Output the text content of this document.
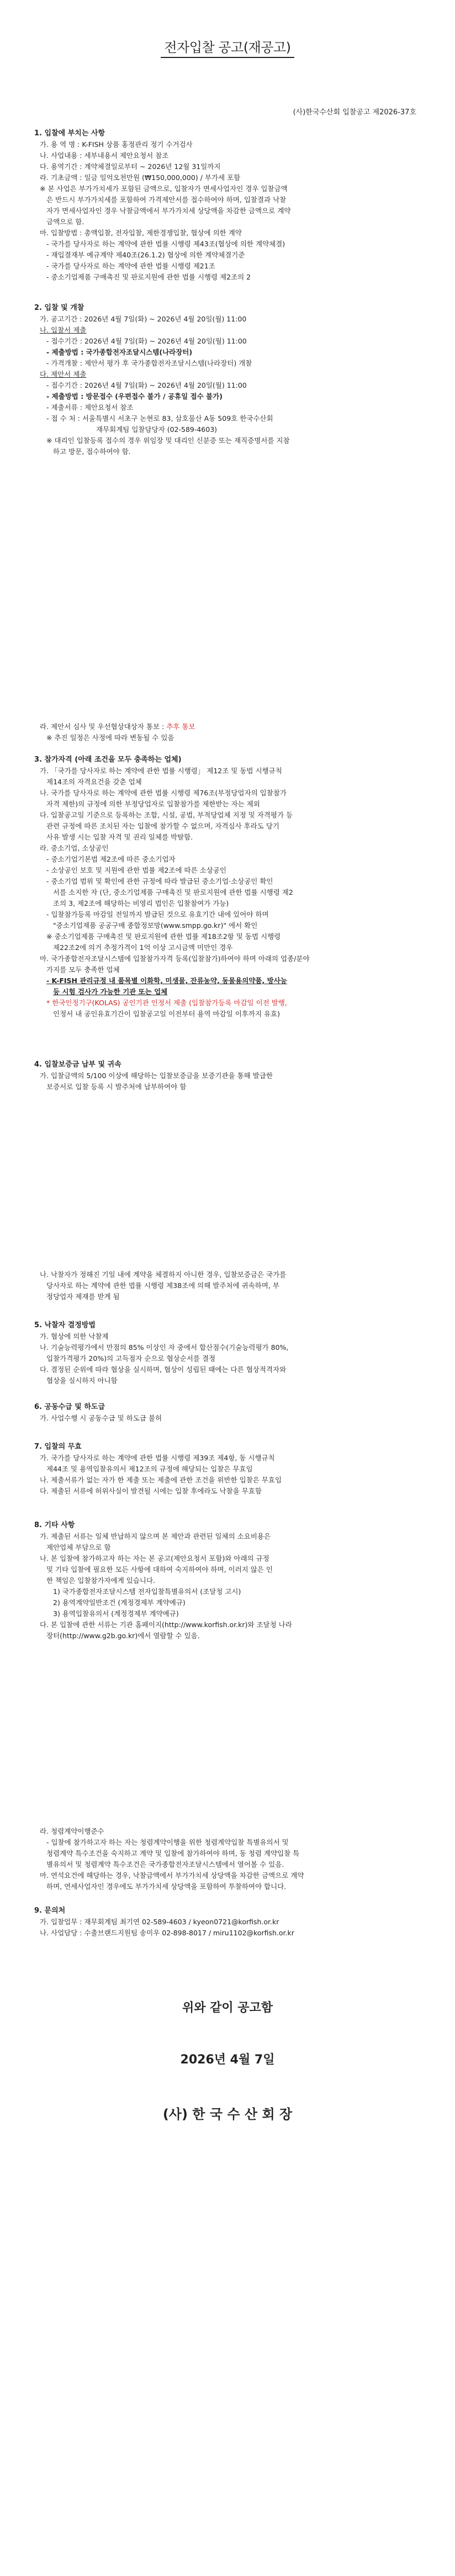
전자입찰 공고(재공고)
(사)한국수산회 입찰공고 제2026-37호
1. 입찰에 부치는 사항
가. 용 역 명 : K-FISH 상품 홍정관리 정기 수거검사
나. 사업내용 : 세부내용서 제안요청서 참조
다. 용역기간 : 계약체결일로부터 ~ 2026년 12월 31일까지
라. 기초금액 : 일금 일억오천만원 (₩150,000,000) / 부가세 포함
※ 본 사업은 부가가치세가 포함된 금액으로, 입찰자가 면세사업자인 경우 입찰금액
은 반드시 부가가치세를 포함하여 가격제안서를 접수하여야 하며, 입찰결과 낙찰
자가 면세사업자인 경우 낙찰금액에서 부가가치세 상당액을 차감한 금액으로 계약
금액으로 함.
마. 입찰방법 : 총액입찰, 전자입찰, 제한경쟁입찰, 협상에 의한 계약
- 국가를 당사자로 하는 계약에 관한 법률 시행령 제43조(협상에 의한 계약체결)
- 재입결재부 예규계약 제40조(26.1.2) 협상에 의한 계약체결기준
- 국가를 당사자로 하는 계약에 관한 법률 시행령 제21조
- 중소기업제품 구매촉진 및 판로지원에 관한 법률 시행령 제2조의 2
2. 입찰 및 개찰
가. 공고기간 : 2026년 4월 7일(화) ~ 2026년 4월 20일(월) 11:00
나. 입찰서 제출
- 접수기간 : 2026년 4월 7일(화) ~ 2026년 4월 20일(월) 11:00
- 제출방법 : 국가종합전자조달시스템(나라장터)
- 가격개찰 : 제안서 평가 후 국가종합전자조달시스템(나라장터) 개찰
다. 제안서 제출
- 접수기간 : 2026년 4월 7일(화) ~ 2026년 4월 20일(월) 11:00
- 제출방법 : 방문접수 (우편접수 불가 / 공휴일 접수 불가)
- 제출서류 : 제안요청서 참조
- 접 수 처 : 서울특별시 서초구 논현로 83, 삼호물산 A동 509호 한국수산회
재무회계팀 입찰담당자 (02-589-4603)
※ 대리인 입찰등록 접수의 경우 위임장 및 대리인 신분증 또는 재직증명서를 지참
하고 방문, 접수하여야 함.
라. 제안서 심사 및 우선협상대상자 통보 : 추후 통보
※ 추진 일정은 사정에 따라 변동될 수 있음
3. 참가자격 (아래 조건을 모두 충족하는 업체)
가. 「국가를 당사자로 하는 계약에 관한 법률 시행령」 제12조 및 동법 시행규칙
제14조의 자격요건을 갖춘 업체
나. 국가를 당사자로 하는 계약에 관한 법률 시행령 제76조(부정당업자의 입찰참가
자격 제한)의 규정에 의한 부정당업자로 입찰참가를 제한받는 자는 제외
다. 입찰공고일 기준으로 등록하는 조합, 시설, 공법, 부적당업체 지정 및 자격평가 등
관련 규정에 따른 조치된 자는 입찰에 참가할 수 없으며, 자격심사 후라도 당기
사유 발생 시는 입찰 자격 및 권리 일체를 박탈함.
라. 중소기업, 소상공인
- 중소기업기본법 제2조에 따른 중소기업자
- 소상공인 보호 및 지원에 관한 법률 제2조에 따른 소상공인
- 중소기업 범위 및 확인에 관한 규정에 따라 발급된 중소기업·소상공인 확인
서를 소지한 자 (단, 중소기업제품 구매촉진 및 판로지원에 관한 법률 시행령 제2
조의 3, 제2조에 해당하는 비영리 법인은 입찰참여가 가능)
- 입찰참가등록 마감일 전일까지 발급된 것으로 유효기간 내에 있어야 하며
"중소기업제품 공공구매 종합정보망(www.smpp.go.kr)" 에서 확인
※ 중소기업제품 구매촉진 및 판로지원에 관한 법률 제18조2항 및 동법 시행령
제22조2에 의거 추정가격이 1억 이상 고시금액 미만인 경우
마. 국가종합전자조달시스템에 입찰참가자격 등록(입찰참가)하여야 하며 아래의 업종/분야
가지를 모두 충족한 업체
- K-FISH 관리규정 내 품목별 이화학, 미생물, 잔류농약, 동물용의약품, 방사능
등 시험 검사가 가능한 기관 또는 업체
* 한국인정기구(KOLAS) 공인기관 인정서 제출 (입찰참가등록 마감일 이전 발행,
인정서 내 공인유효기간이 입찰공고일 이전부터 용역 마감일 이후까지 유효)
4. 입찰보증금 납부 및 귀속
가. 입찰금액의 5/100 이상에 해당하는 입찰보증금을 보증기관을 통해 발급한
보증서로 입찰 등록 시 발주처에 납부하여야 함
나. 낙찰자가 정해진 기일 내에 계약을 체결하지 아니한 경우, 입찰보증금은 국가를
당사자로 하는 계약에 관한 법률 시행령 제38조에 의해 발주처에 귀속하며, 부
정당업자 제재를 받게 됨
5. 낙찰자 결정방법
가. 협상에 의한 낙찰제
나. 기술능력평가에서 만점의 85% 이상인 자 중에서 합산점수(기술능력평가 80%,
입찰가격평가 20%)의 고득점자 순으로 협상순서를 결정
다. 결정된 순위에 따라 협상을 실시하며, 협상이 성립된 때에는 다른 협상적격자와
협상을 실시하지 아니함
6. 공동수급 및 하도급
가. 사업수행 시 공동수급 및 하도급 불허
7. 입찰의 무효
가. 국가를 당사자로 하는 계약에 관한 법률 시행령 제39조 제4항, 동 시행규칙
제44조 및 용역입찰유의서 제12조의 규정에 해당되는 입찰은 무효임
나. 제출서류가 없는 자가 한 제출 또는 제출에 관한 조건을 위반한 입찰은 무효임
다. 제출된 서류에 허위사실이 발견될 시에는 입찰 후에라도 낙찰을 무효함
8. 기타 사항
가. 제출된 서류는 일체 반납하지 않으며 본 제안과 관련된 일체의 소요비용은
제안업체 부담으로 함
나. 본 입찰에 참가하고자 하는 자는 본 공고(제안요청서 포함)와 아래의 규정
및 기타 입찰에 필요한 모든 사항에 대하여 숙지하여야 하며, 이러지 않은 인
한 책임은 입찰참가자에게 있습니다.
1) 국가종합전자조달시스템 전자입찰특별유의서 (조달청 고시)
2) 용역계약일반조건 (계정경제부 계약예규)
3) 용역입찰유의서 (계정경제부 계약예규)
다. 본 입찰에 관한 서류는 기관 홈페이지(http://www.korfish.or.kr)와 조달청 나라
장터(http://www.g2b.go.kr)에서 열람할 수 있음.
라. 청렴계약이행준수
- 입찰에 참가하고자 하는 자는 청렴계약이행을 위한 청렴계약입찰 특별유의서 및
청렴계약 특수조건을 숙지하고 계약 및 입찰에 참가하여야 하며, 동 청렴 계약입찰 특
별유의서 및 청렴계약 특수조건은 국가종합전자조달시스템에서 열어볼 수 있음.
마. 연석요건에 해당하는 경우, 낙찰금액에서 부가가치세 상당액을 차감한 금액으로 계약
하며, 연세사업자인 경우에도 부가가치세 상당액을 포함하여 투찰하여야 합니다.
9. 문의처
가. 입찰업무 : 재무회계팀 최기연 02-589-4603 / kyeon0721@korfish.or.kr
나. 사업담당 : 수출브랜드지원팀 송미우 02-898-8017 / miru1102@korfish.or.kr
위와 같이 공고함
2026년 4월 7일
(사) 한 국 수 산 회 장
